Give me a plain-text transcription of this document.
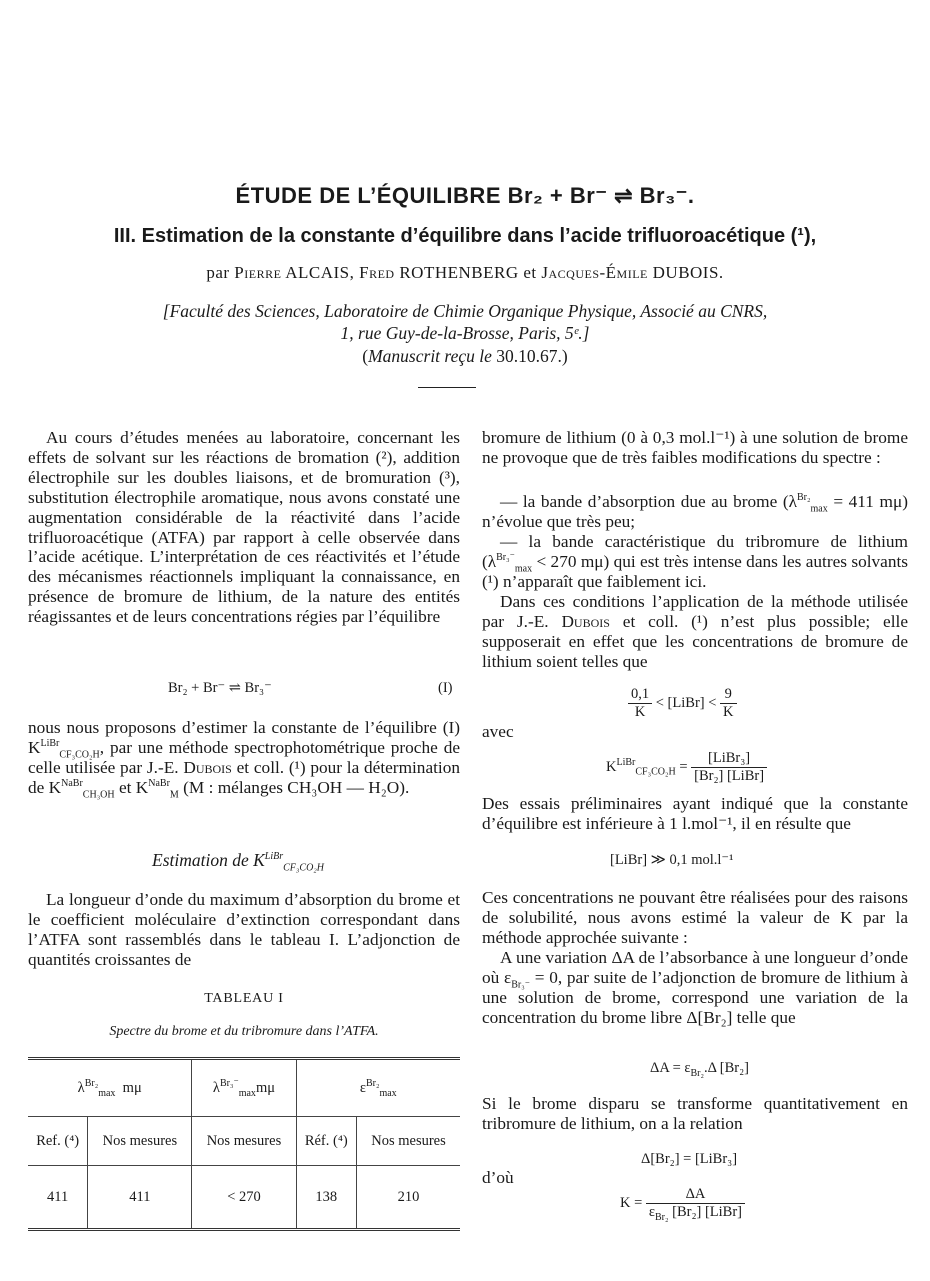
ÉTUDE DE L’ÉQUILIBRE Br₂ + Br⁻ ⇌ Br₃⁻.
III. Estimation de la constante d’équilibre dans l’acide trifluoroacétique (¹),
par Pierre ALCAIS, Fred ROTHENBERG et Jacques-Émile DUBOIS.
[Faculté des Sciences, Laboratoire de Chimie Organique Physique, Associé au CNRS,
1, rue Guy-de-la-Brosse, Paris, 5ᵉ.]
(Manuscrit reçu le 30.10.67.)

Au cours d’études menées au laboratoire, concernant les effets de solvant sur les réactions de bromation (²), addition électrophile sur les doubles liaisons, et de bromuration (³), substitution électrophile aromatique, nous avons constaté une augmentation considérable de la réactivité dans l’acide trifluoroacétique (ATFA) par rapport à celle observée dans l’acide acétique. L’interprétation de ces réactivités et l’étude des mécanismes réactionnels impliquant la connaissance, en présence de bromure de lithium, de la nature des entités réagissantes et de leurs concentrations régies par l’équilibre

Br₂ + Br⁻ ⇌ Br₃⁻	(I)

nous nous proposons d’estimer la constante de l’équilibre (I) $K^{LiBr}_{CF_3CO_2H}$, par une méthode spectrophotométrique proche de celle utilisée par J.-E. Dubois et coll. (¹) pour la détermination de $K^{NaBr}_{CH_3OH}$ et $K^{NaBr}_M$ (M : mélanges CH₃OH — H₂O).

Estimation de $K^{LiBr}_{CF_3CO_2H}$

La longueur d’onde du maximum d’absorption du brome et le coefficient moléculaire d’extinction correspondant dans l’ATFA sont rassemblés dans le tableau I. L’adjonction de quantités croissantes de

TABLEAU I
Spectre du brome et du tribromure dans l’ATFA.
$\lambda^{Br_2}_{max}$ mμ		$\lambda^{Br_3^-}_{max}m\mu$	$\varepsilon^{Br_2}_{max}$
Ref. (⁴)	Nos mesures	Nos mesures	Réf. (⁴)	Nos mesures
411	411	< 270	138	210

bromure de lithium (0 à 0,3 mol.l⁻¹) à une solution de brome ne provoque que de très faibles modifications du spectre :

— la bande d’absorption due au brome ($\lambda^{Br_2}_{max} = 411$ mμ) n’évolue que très peu;

— la bande caractéristique du tribromure de lithium ($\lambda^{Br_3^-}_{max} < 270$ mμ) qui est très intense dans les autres solvants (¹) n’apparaît que faiblement ici.

Dans ces conditions l’application de la méthode utilisée par J.-E. Dubois et coll. (¹) n’est plus possible; elle supposerait en effet que les concentrations de bromure de lithium soient telles que

$\frac{0,1}{K}$ < [LiBr] < $\frac{9}{K}$
avec
$K^{LiBr}_{CF_3CO_2H} = \frac{\text{[LiBr₃]}}{\text{[Br₂] [LiBr]}}$

Des essais préliminaires ayant indiqué que la constante d’équilibre est inférieure à 1 l.mol⁻¹, il en résulte que

[LiBr] ≫ 0,1 mol.l⁻¹

Ces concentrations ne pouvant être réalisées pour des raisons de solubilité, nous avons estimé la valeur de K par la méthode approchée suivante :

A une variation ΔA de l’absorbance à une longueur d’onde où $\varepsilon_{Br_3^-} = 0$, par suite de l’adjonction de bromure de lithium à une solution de brome, correspond une variation de la concentration du brome libre Δ[Br₂] telle que

$\Delta A = \varepsilon_{Br_2}.\Delta$ [Br₂]

Si le brome disparu se transforme quantitativement en tribromure de lithium, on a la relation

Δ[Br₂] = [LiBr₃]
d’où
$K = \frac{\Delta A}{\varepsilon_{Br_2} [Br_2] [LiBr]}$
